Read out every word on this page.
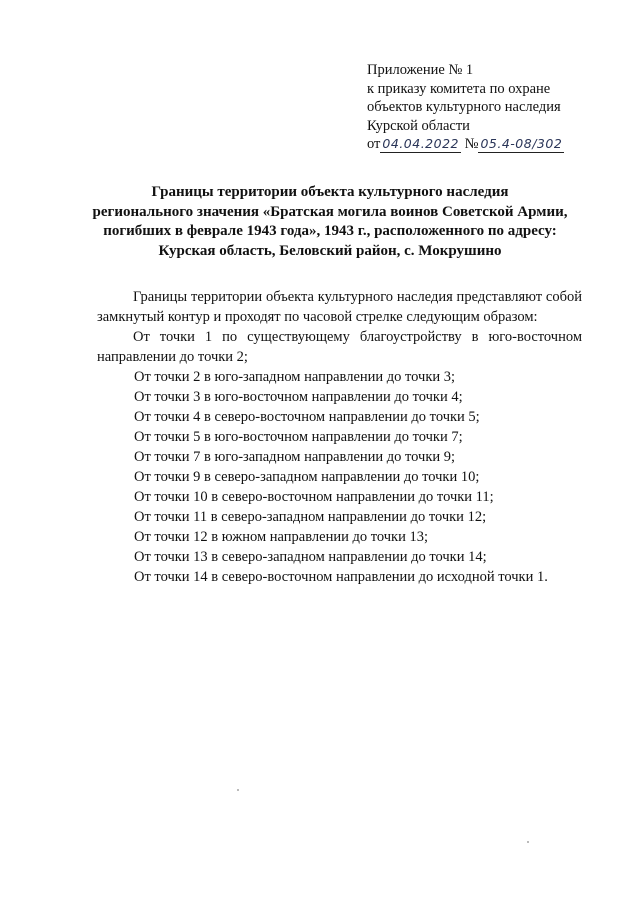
Приложение № 1
к приказу комитета по охране
объектов культурного наследия
Курской области
от 04.04.2022 № 05.4-08/302
Границы территории объекта культурного наследия
регионального значения «Братская могила воинов Советской Армии,
погибших в феврале 1943 года», 1943 г., расположенного по адресу:
Курская область, Беловский район, с. Мокрушино
Границы территории объекта культурного наследия представляют собой замкнутый контур и проходят по часовой стрелке следующим образом:
От точки 1 по существующему благоустройству в юго-восточном направлении до точки 2;
От точки 2 в юго-западном направлении до точки 3;
От точки 3 в юго-восточном направлении до точки 4;
От точки 4 в северо-восточном направлении до точки 5;
От точки 5 в юго-восточном направлении до точки 7;
От точки 7 в юго-западном направлении до точки 9;
От точки 9 в северо-западном направлении до точки 10;
От точки 10 в северо-восточном направлении до точки 11;
От точки 11 в северо-западном направлении до точки 12;
От точки 12 в южном направлении до точки 13;
От точки 13 в северо-западном направлении до точки 14;
От точки 14 в северо-восточном направлении до исходной точки 1.
